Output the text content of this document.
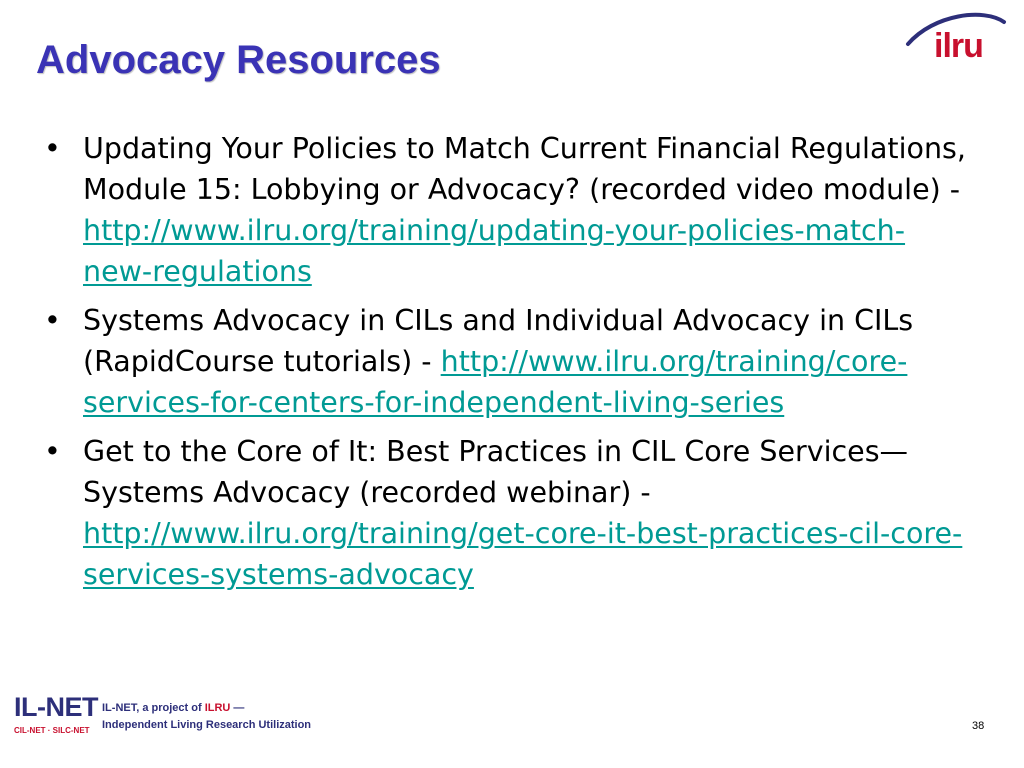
Advocacy Resources	ilru
• Updating Your Policies to Match Current Financial Regulations, Module 15: Lobbying or Advocacy? (recorded video module) - http://www.ilru.org/training/updating-your-policies-match-new-regulations
• Systems Advocacy in CILs and Individual Advocacy in CILs (RapidCourse tutorials) - http://www.ilru.org/training/core-services-for-centers-for-independent-living-series
• Get to the Core of It: Best Practices in CIL Core Services—Systems Advocacy (recorded webinar) - http://www.ilru.org/training/get-core-it-best-practices-cil-core-services-systems-advocacy
IL-NET
CIL-NET · SILC-NET
IL-NET, a project of ILRU —
Independent Living Research Utilization	38
